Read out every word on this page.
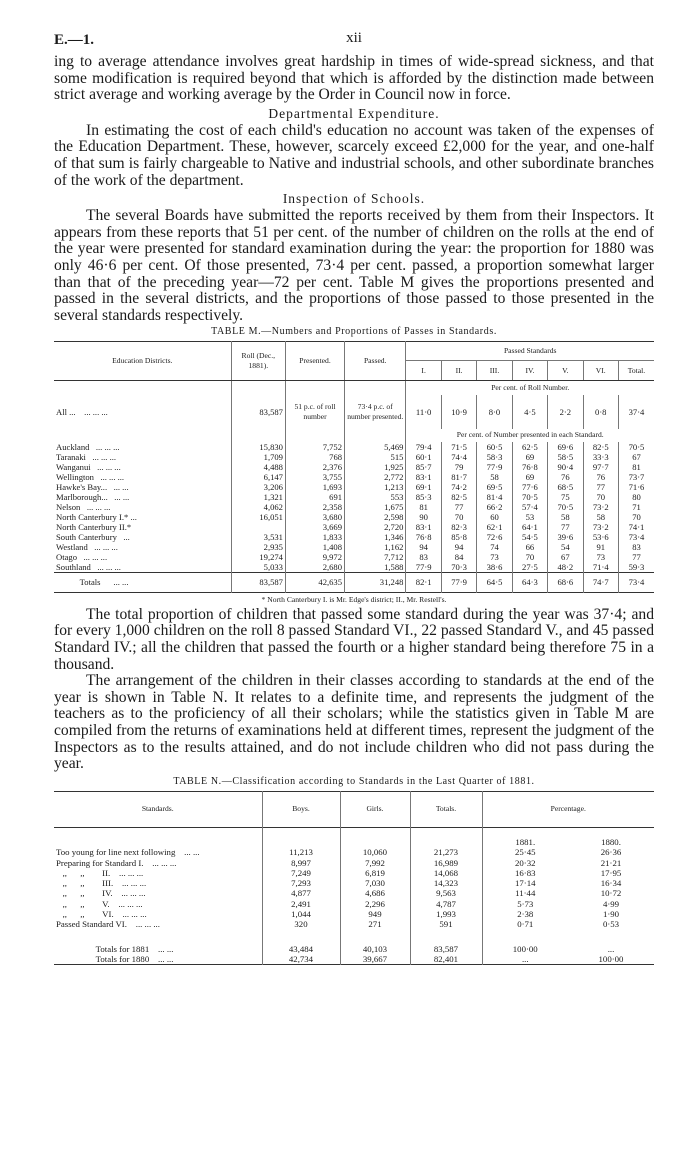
E.—1.	xii

ing to average attendance involves great hardship in times of wide-spread sickness, and that some modification is required beyond that which is afforded by the distinction made between strict average and working average by the Order in Council now in force.

Departmental Expenditure.

In estimating the cost of each child's education no account was taken of the expenses of the Education Department. These, however, scarcely exceed £2,000 for the year, and one-half of that sum is fairly chargeable to Native and industrial schools, and other subordinate branches of the work of the department.

Inspection of Schools.

The several Boards have submitted the reports received by them from their Inspectors. It appears from these reports that 51 per cent. of the number of children on the rolls at the end of the year were presented for standard examination during the year: the proportion for 1880 was only 46·6 per cent. Of those presented, 73·4 per cent. passed, a proportion somewhat larger than that of the preceding year—72 per cent. Table M gives the proportions presented and passed in the several districts, and the proportions of those passed to those presented in the several standards respectively.

TABLE M.—Numbers and Proportions of Passes in Standards.
Education Districts.	Roll (Dec., 1881).	Presented.	Passed.	Passed Standards						
				I.	II.	III.	IV.	V.	VI.	Total.
				Per cent. of Roll Number.						
All ... ... ... ...	83,587	51 p.c. of roll number	73·4 p.c. of number presented.	11·0	10·9	8·0	4·5	2·2	0·8	37·4
				Per cent. of Number presented in each Standard.						
Auckland ... ... ...	15,830	7,752	5,469	79·4	71·5	60·5	62·5	69·6	82·5	70·5
Taranaki ... ... ...	1,709	768	515	60·1	74·4	58·3	69	58·5	33·3	67
Wanganui ... ... ...	4,488	2,376	1,925	85·7	79	77·9	76·8	90·4	97·7	81
Wellington ... ... ...	6,147	3,755	2,772	83·1	81·7	58	69	76	76	73·7
Hawke's Bay... ... ...	3,206	1,693	1,213	69·1	74·2	69·5	77·6	68·5	77	71·6
Marlborough... ... ...	1,321	691	553	85·3	82·5	81·4	70·5	75	70	80
Nelson ... ... ...	4,062	2,358	1,675	81	77	66·2	57·4	70·5	73·2	71
North Canterbury I.* ...	16,051	3,680	2,598	90	70	60	53	58	58	70
North Canterbury II.*		3,669	2,720	83·1	82·3	62·1	64·1	77	73·2	74·1
South Canterbury ...	3,531	1,833	1,346	76·8	85·8	72·6	54·5	39·6	53·6	73·4
Westland ... ... ...	2,935	1,408	1,162	94	94	74	66	54	91	83
Otago ... ... ...	19,274	9,972	7,712	83	84	73	70	67	73	77
Southland ... ... ...	5,033	2,680	1,588	77·9	70·3	38·6	27·5	48·2	71·4	59·3
Totals ... ...	83,587	42,635	31,248	82·1	77·9	64·5	64·3	68·6	74·7	73·4
* North Canterbury I. is Mr. Edge's district; II., Mr. Restell's.

The total proportion of children that passed some standard during the year was 37·4; and for every 1,000 children on the roll 8 passed Standard VI., 22 passed Standard V., and 45 passed Standard IV.; all the children that passed the fourth or a higher standard being therefore 75 in a thousand.

The arrangement of the children in their classes according to standards at the end of the year is shown in Table N. It relates to a definite time, and represents the judgment of the teachers as to the proficiency of all their scholars; while the statistics given in Table M are compiled from the returns of examinations held at different times, represent the judgment of the Inspectors as to the results attained, and do not include children who did not pass during the year.

TABLE N.—Classification according to Standards in the Last Quarter of 1881.
Standards.	Boys.	Girls.	Totals.	Percentage.	
				1881.	1880.
Too young for line next following ... ...	11,213	10,060	21,273	25·45	26·36
Preparing for Standard I. ... ... ...	8,997	7,992	16,989	20·32	21·21
,,      ,,        II. ... ... ...	7,249	6,819	14,068	16·83	17·95
,,      ,,        III. ... ... ...	7,293	7,030	14,323	17·14	16·34
,,      ,,        IV. ... ... ...	4,877	4,686	9,563	11·44	10·72
,,      ,,        V. ... ... ...	2,491	2,296	4,787	5·73	4·99
,,      ,,        VI. ... ... ...	1,044	949	1,993	2·38	1·90
Passed Standard VI. ... ... ...	320	271	591	0·71	0·53

Totals for 1881 ... ...	43,484	40,103	83,587	100·00	...
Totals for 1880 ... ...	42,734	39,667	82,401	...	100·00
